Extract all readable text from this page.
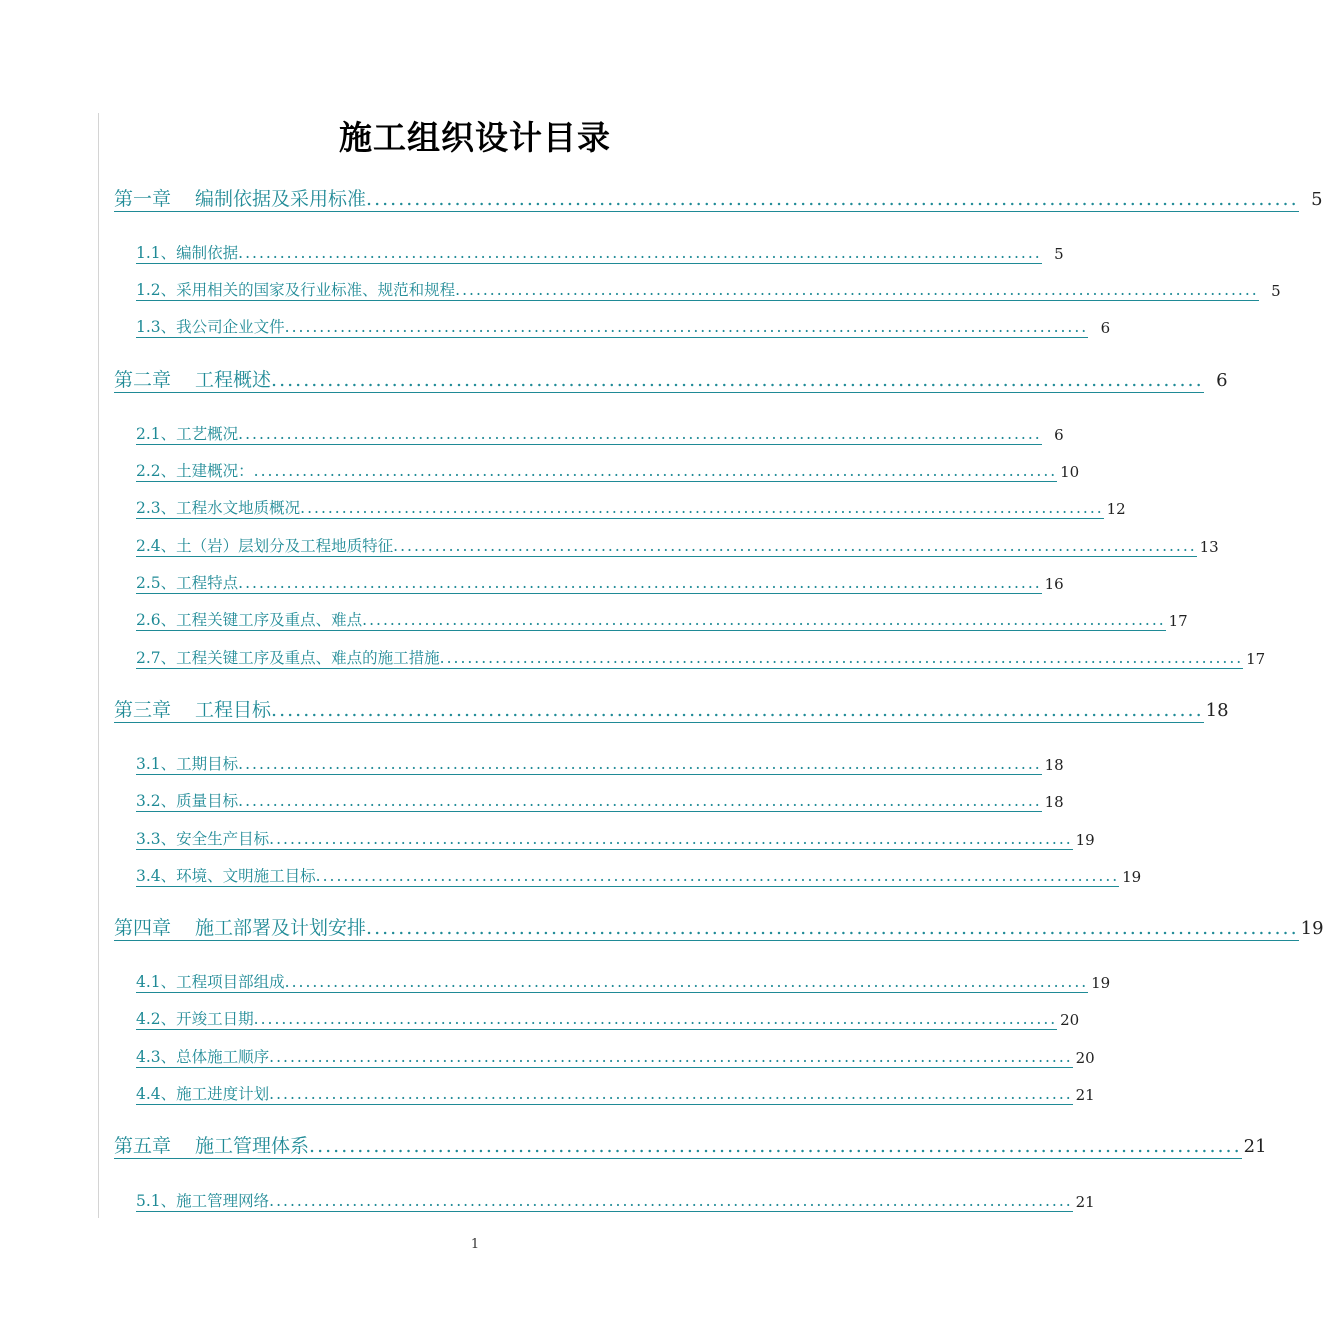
施工组织设计目录
第一章 编制依据及采用标准 .................................................................................................................... 5
1.1、编制依据 .................................................................................................................... 5
1.2、采用相关的国家及行业标准、规范和规程 .................................................................................................................... 5
1.3、我公司企业文件 .................................................................................................................... 6
第二章 工程概述 .................................................................................................................... 6
2.1、工艺概况 .................................................................................................................... 6
2.2、土建概况： .................................................................................................................... 10
2.3、工程水文地质概况 .................................................................................................................... 12
2.4、土（岩）层划分及工程地质特征 .................................................................................................................... 13
2.5、工程特点 .................................................................................................................... 16
2.6、工程关键工序及重点、难点 .................................................................................................................... 17
2.7、工程关键工序及重点、难点的施工措施 .................................................................................................................... 17
第三章 工程目标 .................................................................................................................... 18
3.1、工期目标 .................................................................................................................... 18
3.2、质量目标 .................................................................................................................... 18
3.3、安全生产目标 .................................................................................................................... 19
3.4、环境、文明施工目标 .................................................................................................................... 19
第四章 施工部署及计划安排 .................................................................................................................... 19
4.1、工程项目部组成 .................................................................................................................... 19
4.2、开竣工日期 .................................................................................................................... 20
4.3、总体施工顺序 .................................................................................................................... 20
4.4、施工进度计划 .................................................................................................................... 21
第五章 施工管理体系 .................................................................................................................... 21
5.1、施工管理网络 .................................................................................................................... 21
1
